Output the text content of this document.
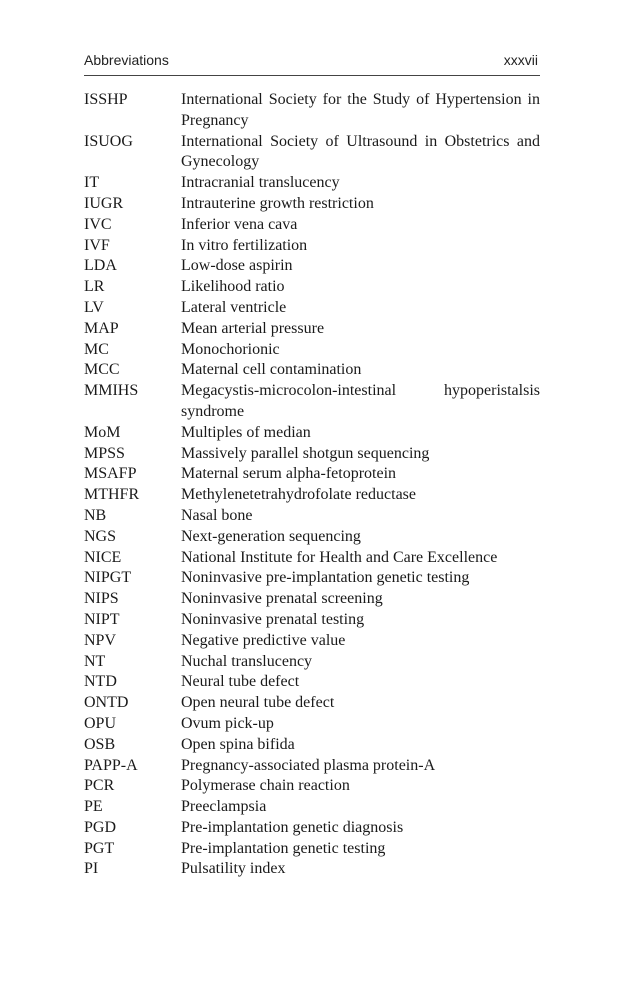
Abbreviations	xxxvii
ISSHP	International Society for the Study of Hypertension in Pregnancy
ISUOG	International Society of Ultrasound in Obstetrics and Gynecology
IT	Intracranial translucency
IUGR	Intrauterine growth restriction
IVC	Inferior vena cava
IVF	In vitro fertilization
LDA	Low-dose aspirin
LR	Likelihood ratio
LV	Lateral ventricle
MAP	Mean arterial pressure
MC	Monochorionic
MCC	Maternal cell contamination
MMIHS	Megacystis-microcolon-intestinal hypoperistalsis syndrome
MoM	Multiples of median
MPSS	Massively parallel shotgun sequencing
MSAFP	Maternal serum alpha-fetoprotein
MTHFR	Methylenetetrahydrofolate reductase
NB	Nasal bone
NGS	Next-generation sequencing
NICE	National Institute for Health and Care Excellence
NIPGT	Noninvasive pre-implantation genetic testing
NIPS	Noninvasive prenatal screening
NIPT	Noninvasive prenatal testing
NPV	Negative predictive value
NT	Nuchal translucency
NTD	Neural tube defect
ONTD	Open neural tube defect
OPU	Ovum pick-up
OSB	Open spina bifida
PAPP-A	Pregnancy-associated plasma protein-A
PCR	Polymerase chain reaction
PE	Preeclampsia
PGD	Pre-implantation genetic diagnosis
PGT	Pre-implantation genetic testing
PI	Pulsatility index
